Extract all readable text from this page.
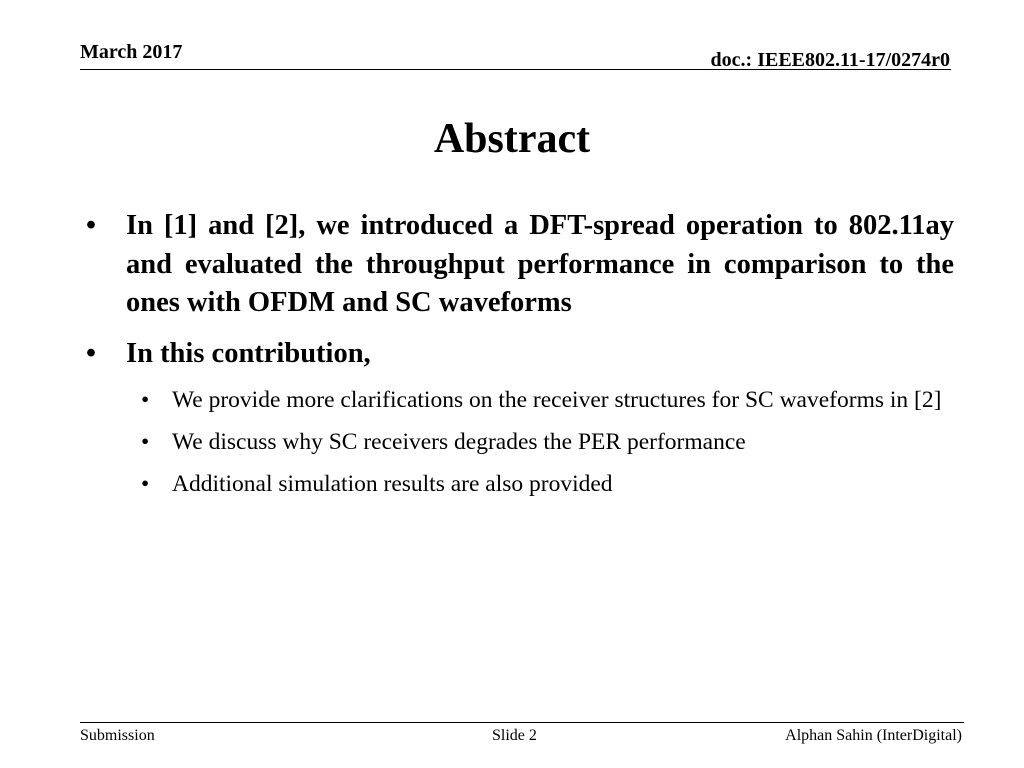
March 2017	doc.: IEEE802.11-17/0274r0
Abstract
• In [1] and [2], we introduced a DFT-spread operation to 802.11ay and evaluated the throughput performance in comparison to the ones with OFDM and SC waveforms
• In this contribution,
• We provide more clarifications on the receiver structures for SC waveforms in [2]
• We discuss why SC receivers degrades the PER performance
• Additional simulation results are also provided
Submission	Slide 2	Alphan Sahin (InterDigital)
